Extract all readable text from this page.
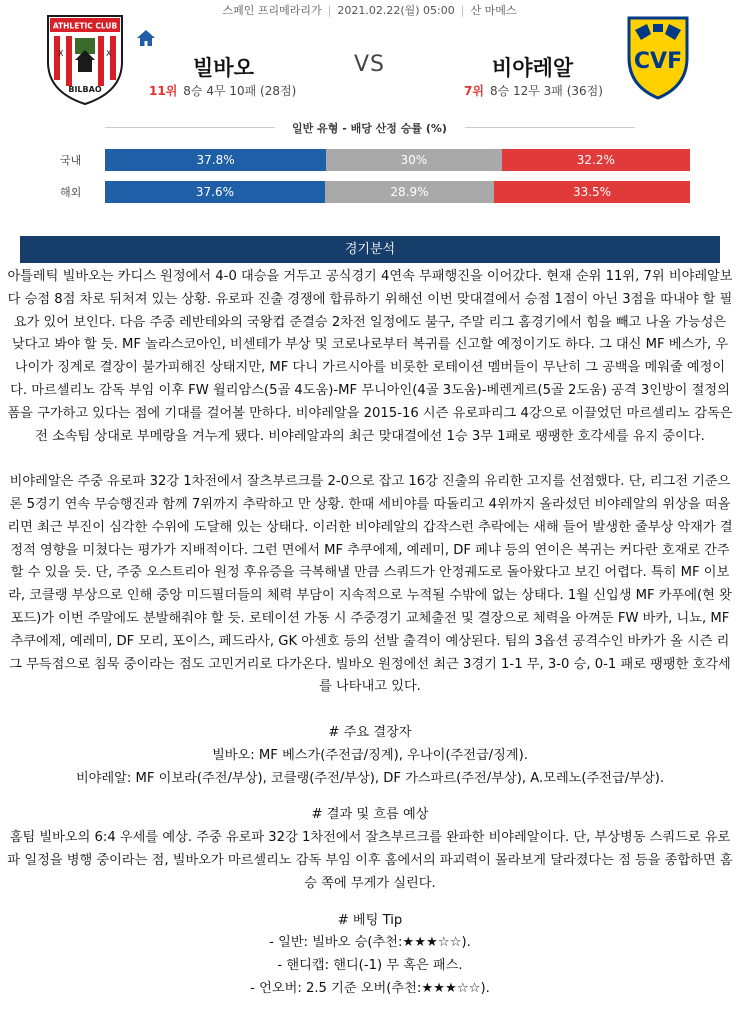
스페인 프리메라리가 | 2021.02.22(월) 05:00 | 산 마메스
ATHLETIC CLUB
X	X
BILBAO
빌바오	VS	비야레알	CVF
11위 8승 4무 10패 (28점)	7위 8승 12무 3패 (36점)
일반 유형 - 배당 산정 승률 (%)
국내	37.8%	30%	32.2%
해외	37.6%	28.9%	33.5%
경기분석

아틀레틱 빌바오는 카디스 원정에서 4-0 대승을 거두고 공식경기 4연속 무패행진을 이어갔다. 현재 순위 11위, 7위 비야레알보다 승점 8점 차로 뒤처져 있는 상황. 유로파 진출 경쟁에 합류하기 위해선 이번 맞대결에서 승점 1점이 아닌 3점을 따내야 할 필요가 있어 보인다. 다음 주중 레반테와의 국왕컵 준결승 2차전 일정에도 불구, 주말 리그 홈경기에서 힘을 빼고 나올 가능성은 낮다고 봐야 할 듯. MF 놀라스코아인, 비센테가 부상 및 코로나로부터 복귀를 신고할 예정이기도 하다. 그 대신 MF 베스가, 우나이가 징계로 결장이 불가피해진 상태지만, MF 다니 가르시아를 비롯한 로테이션 멤버들이 무난히 그 공백을 메워줄 예정이다. 마르셀리노 감독 부임 이후 FW 윌리암스(5골 4도움)-MF 무니아인(4골 3도움)-베렌게르(5골 2도움) 공격 3인방이 절정의 폼을 구가하고 있다는 점에 기대를 걸어볼 만하다. 비야레알을 2015-16 시즌 유로파리그 4강으로 이끌었던 마르셀리노 감독은 전 소속팀 상대로 부메랑을 겨누게 됐다. 비야레알과의 최근 맞대결에선 1승 3무 1패로 팽팽한 호각세를 유지 중이다.

비야레알은 주중 유로파 32강 1차전에서 잘츠부르크를 2-0으로 잡고 16강 진출의 유리한 고지를 선점했다. 단, 리그전 기준으론 5경기 연속 무승행진과 함께 7위까지 추락하고 만 상황. 한때 세비야를 따돌리고 4위까지 올라섰던 비야레알의 위상을 떠올리면 최근 부진이 심각한 수위에 도달해 있는 상태다. 이러한 비야레알의 갑작스런 추락에는 새해 들어 발생한 줄부상 악재가 결정적 영향을 미쳤다는 평가가 지배적이다. 그런 면에서 MF 추쿠에제, 예레미, DF 페냐 등의 연이은 복귀는 커다란 호재로 간주할 수 있을 듯. 단, 주중 오스트리아 원정 후유증을 극복해낼 만큼 스쿼드가 안정궤도로 돌아왔다고 보긴 어렵다. 특히 MF 이보라, 코클랭 부상으로 인해 중앙 미드필더들의 체력 부담이 지속적으로 누적될 수밖에 없는 상태다. 1월 신입생 MF 카푸에(현 왓포드)가 이번 주말에도 분발해줘야 할 듯. 로테이션 가동 시 주중경기 교체출전 및 결장으로 체력을 아껴둔 FW 바카, 니뇨, MF 추쿠에제, 예레미, DF 모리, 포이스, 페드라사, GK 아센호 등의 선발 출격이 예상된다. 팀의 3옵션 공격수인 바카가 올 시즌 리그 무득점으로 침묵 중이라는 점도 고민거리로 다가온다. 빌바오 원정에선 최근 3경기 1-1 무, 3-0 승, 0-1 패로 팽팽한 호각세를 나타내고 있다.

# 주요 결장자

빌바오: MF 베스가(주전급/징계), 우나이(주전급/징계).

비야레알: MF 이보라(주전/부상), 코클랭(주전/부상), DF 가스파르(주전/부상), A.모레노(주전급/부상).

# 결과 및 흐름 예상

홈팀 빌바오의 6:4 우세를 예상. 주중 유로파 32강 1차전에서 잘츠부르크를 완파한 비야레알이다. 단, 부상병동 스쿼드로 유로파 일정을 병행 중이라는 점, 빌바오가 마르셀리노 감독 부임 이후 홈에서의 파괴력이 몰라보게 달라졌다는 점 등을 종합하면 홈 승 쪽에 무게가 실린다.

# 베팅 Tip

- 일반: 빌바오 승(추천:★★★☆☆).

- 핸디캡: 핸디(-1) 무 혹은 패스.

- 언오버: 2.5 기준 오버(추천:★★★☆☆).
